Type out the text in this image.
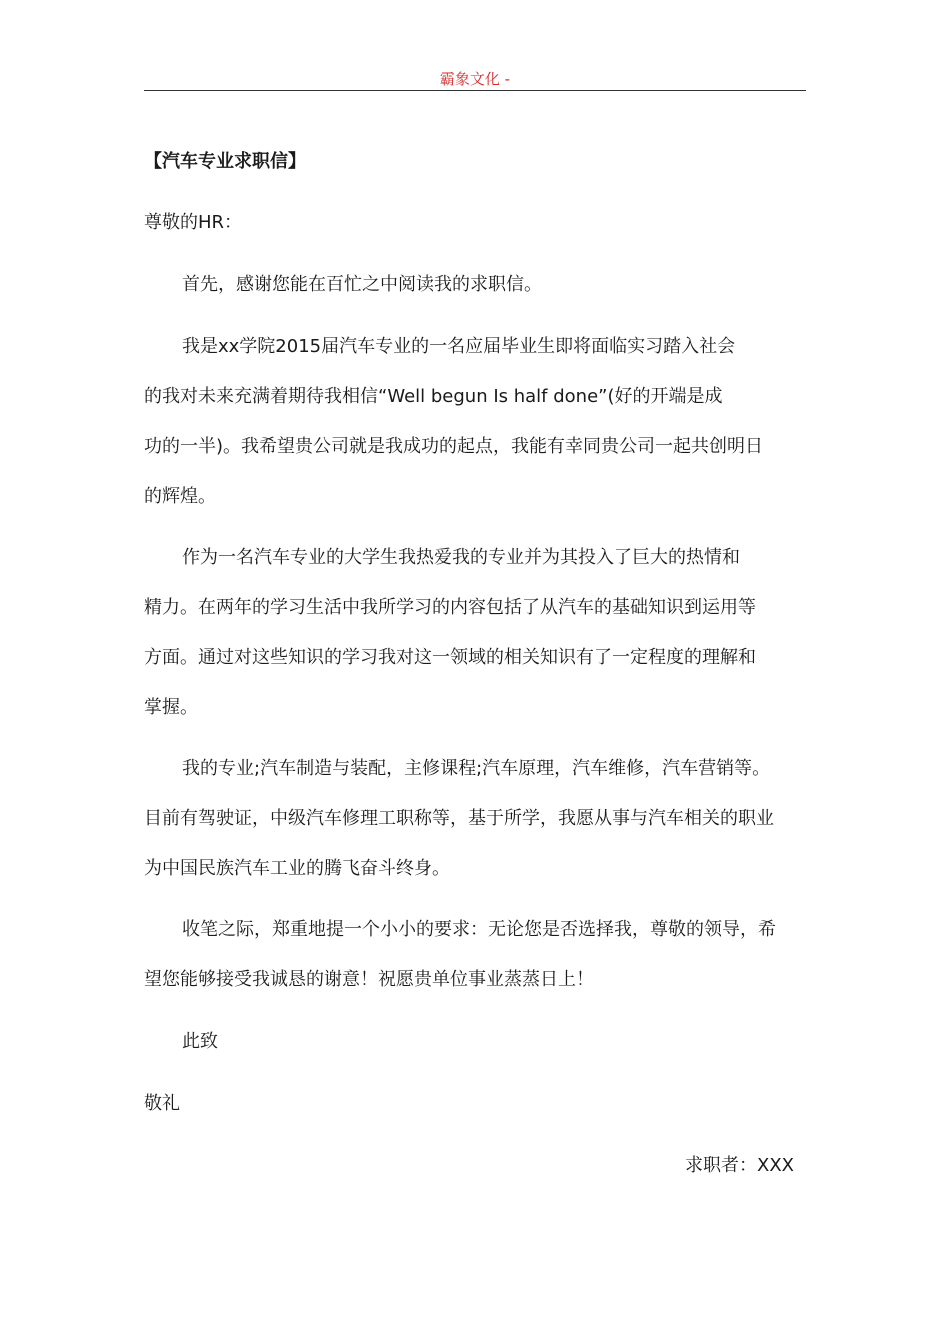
霸象文化 -
【汽车专业求职信】
尊敬的HR：
首先，感谢您能在百忙之中阅读我的求职信。
我是xx学院2015届汽车专业的一名应届毕业生即将面临实习踏入社会
的我对未来充满着期待我相信“Well begun Is half done”(好的开端是成
功的一半)。我希望贵公司就是我成功的起点，我能有幸同贵公司一起共创明日
的辉煌。
作为一名汽车专业的大学生我热爱我的专业并为其投入了巨大的热情和
精力。在两年的学习生活中我所学习的内容包括了从汽车的基础知识到运用等
方面。通过对这些知识的学习我对这一领域的相关知识有了一定程度的理解和
掌握。
我的专业;汽车制造与装配，主修课程;汽车原理，汽车维修，汽车营销等。
目前有驾驶证，中级汽车修理工职称等，基于所学，我愿从事与汽车相关的职业
为中国民族汽车工业的腾飞奋斗终身。
收笔之际，郑重地提一个小小的要求：无论您是否选择我，尊敬的领导，希
望您能够接受我诚恳的谢意！祝愿贵单位事业蒸蒸日上！
此致
敬礼
求职者：XXX
